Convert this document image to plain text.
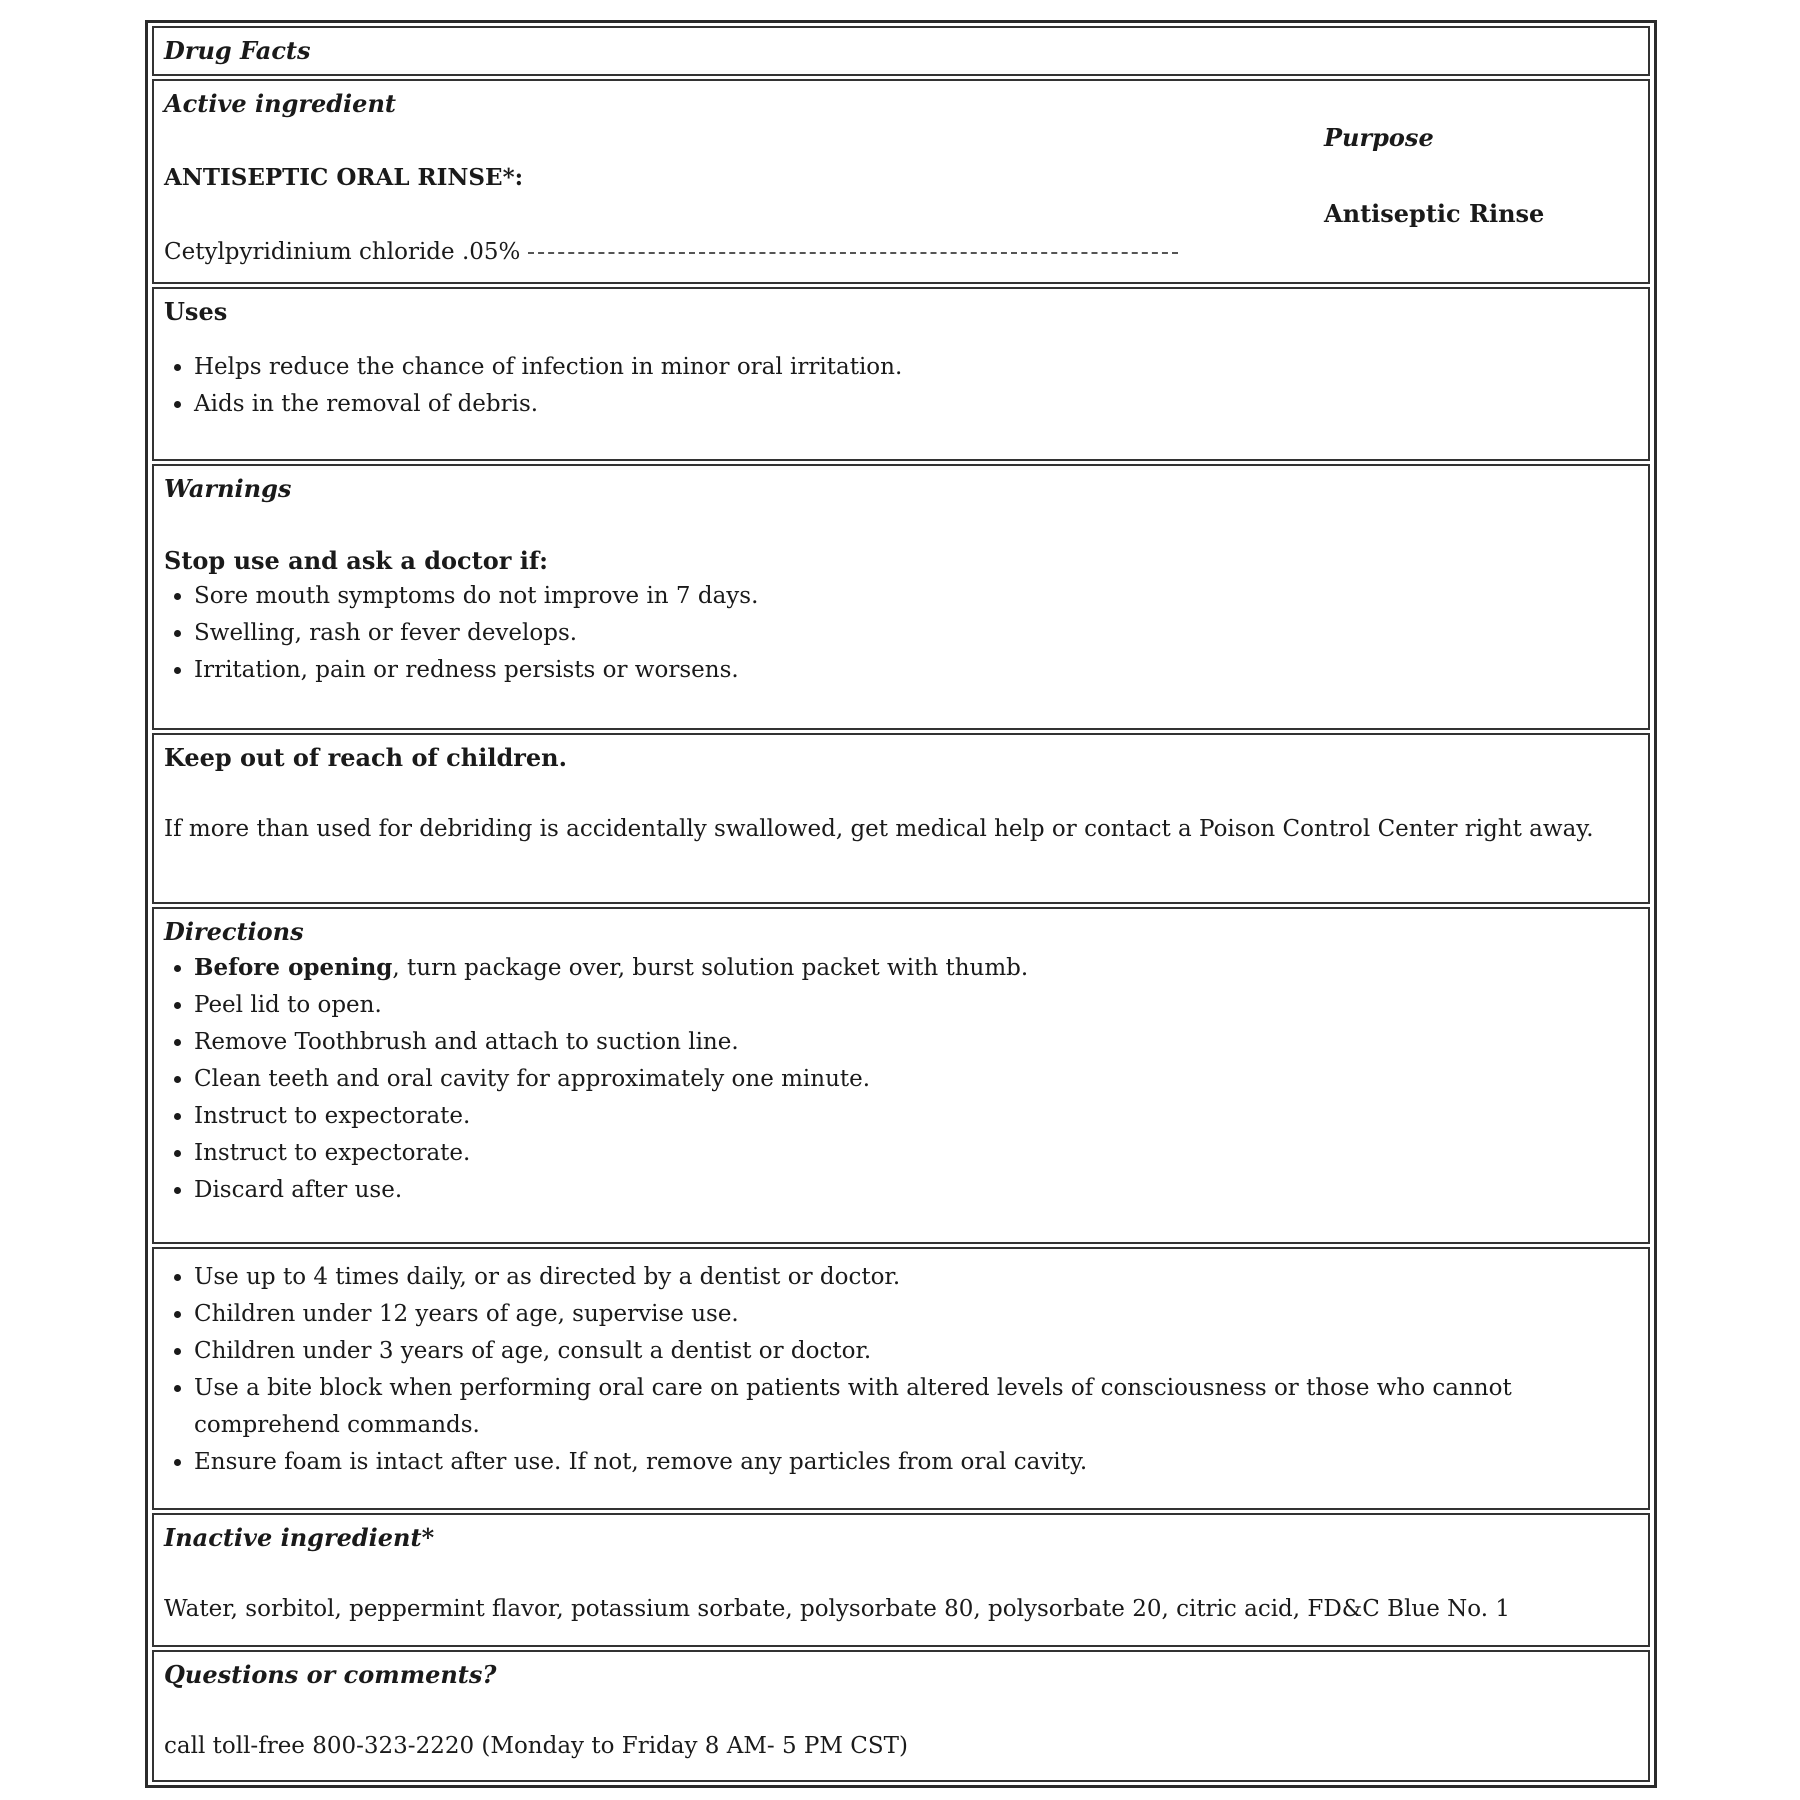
Drug Facts
Active ingredient
Purpose
Antiseptic Rinse

ANTISEPTIC ORAL RINSE*:

Cetylpyridinium chloride .05%

Uses
• Helps reduce the chance of infection in minor oral irritation.
• Aids in the removal of debris.
Warnings
Stop use and ask a doctor if:
• Sore mouth symptoms do not improve in 7 days.
• Swelling, rash or fever develops.
• Irritation, pain or redness persists or worsens.
Keep out of reach of children.

If more than used for debriding is accidentally swallowed, get medical help or contact a Poison Control Center right away.

Directions
• Before opening, turn package over, burst solution packet with thumb.
• Peel lid to open.
• Remove Toothbrush and attach to suction line.
• Clean teeth and oral cavity for approximately one minute.
• Instruct to expectorate.
• Instruct to expectorate.
• Discard after use.
• Use up to 4 times daily, or as directed by a dentist or doctor.
• Children under 12 years of age, supervise use.
• Children under 3 years of age, consult a dentist or doctor.
• Use a bite block when performing oral care on patients with altered levels of consciousness or those who cannot comprehend commands.
• Ensure foam is intact after use. If not, remove any particles from oral cavity.
Inactive ingredient*

Water, sorbitol, peppermint flavor, potassium sorbate, polysorbate 80, polysorbate 20, citric acid, FD&C Blue No. 1

Questions or comments?

call toll-free 800-323-2220 (Monday to Friday 8 AM- 5 PM CST)
